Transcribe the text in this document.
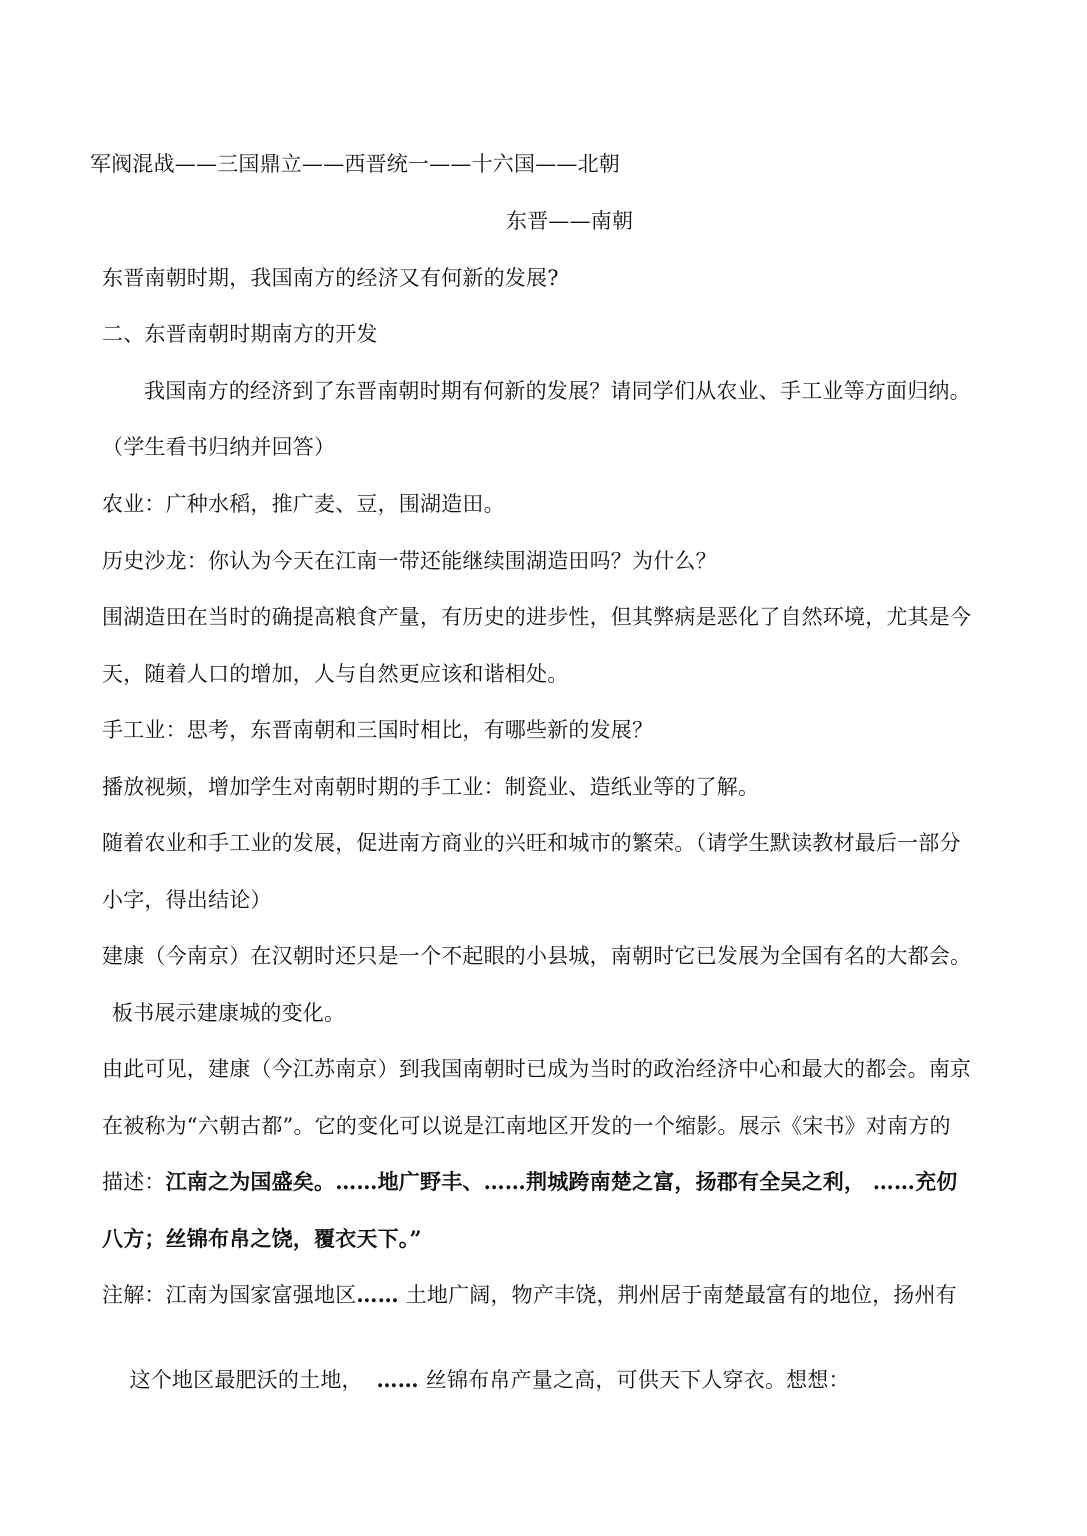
军阀混战——三国鼎立——西晋统一——十六国——北朝
东晋——南朝
东晋南朝时期，我国南方的经济又有何新的发展?
二、东晋南朝时期南方的开发
我国南方的经济到了东晋南朝时期有何新的发展？请同学们从农业、手工业等方面归纳。
（学生看书归纳并回答）
农业：广种水稻，推广麦、豆，围湖造田。
历史沙龙：你认为今天在江南一带还能继续围湖造田吗？为什么？
围湖造田在当时的确提高粮食产量，有历史的进步性，但其弊病是恶化了自然环境，尤其是今
天，随着人口的增加，人与自然更应该和谐相处。
手工业：思考，东晋南朝和三国时相比，有哪些新的发展？
播放视频，增加学生对南朝时期的手工业：制瓷业、造纸业等的了解。
随着农业和手工业的发展，促进南方商业的兴旺和城市的繁荣。（请学生默读教材最后一部分
小字，得出结论）
建康（今南京）在汉朝时还只是一个不起眼的小县城，南朝时它已发展为全国有名的大都会。
板书展示建康城的变化。
由此可见，建康（今江苏南京）到我国南朝时已成为当时的政治经济中心和最大的都会。南京
在被称为“六朝古都”。它的变化可以说是江南地区开发的一个缩影。展示《宋书》对南方的
描述：江南之为国盛矣。……地广野丰、……荆城跨南楚之富，扬郡有全吴之利， ……充仞
八方；丝锦布帛之饶，覆衣天下。”
注解：江南为国家富强地区…… 土地广阔，物产丰饶，荆州居于南楚最富有的地位，扬州有

这个地区最肥沃的土地，  …… 丝锦布帛产量之高，可供天下人穿衣。想想：
